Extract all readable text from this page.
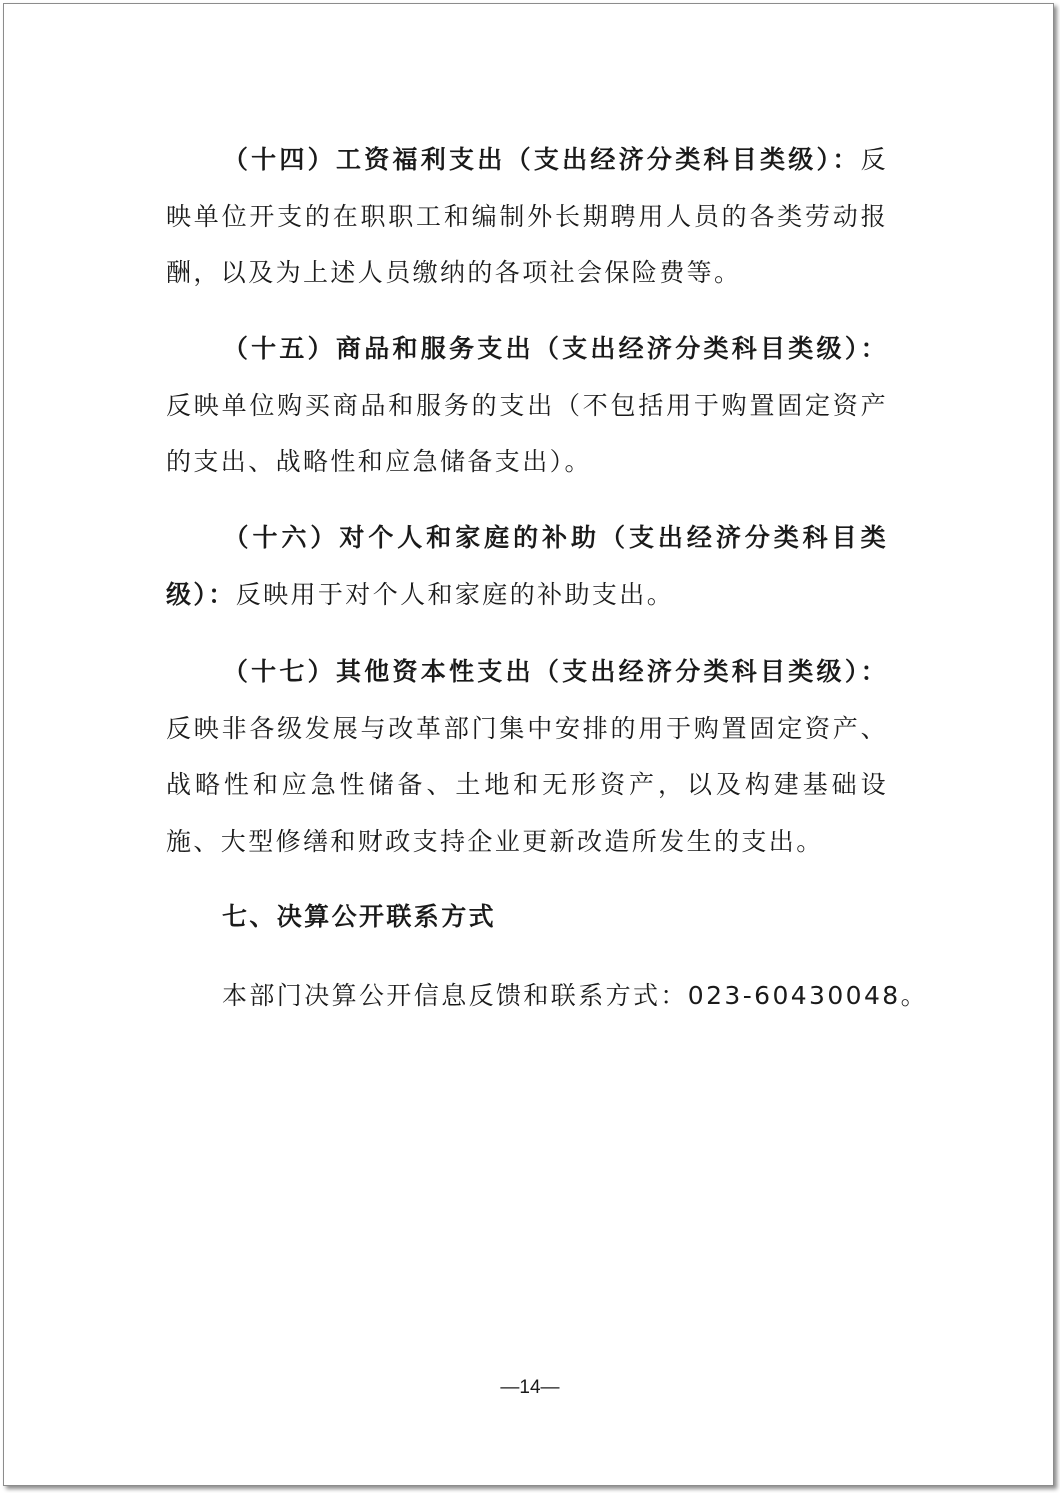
（十四）工资福利支出（支出经济分类科目类级）：反映单位开支的在职职工和编制外长期聘用人员的各类劳动报酬，以及为上述人员缴纳的各项社会保险费等。

（十五）商品和服务支出（支出经济分类科目类级）：反映单位购买商品和服务的支出（不包括用于购置固定资产的支出、战略性和应急储备支出）。

（十六）对个人和家庭的补助（支出经济分类科目类级）：反映用于对个人和家庭的补助支出。

（十七）其他资本性支出（支出经济分类科目类级）：反映非各级发展与改革部门集中安排的用于购置固定资产、战略性和应急性储备、土地和无形资产，以及构建基础设施、大型修缮和财政支持企业更新改造所发生的支出。

七、决算公开联系方式

本部门决算公开信息反馈和联系方式：023-60430048。

—14—
